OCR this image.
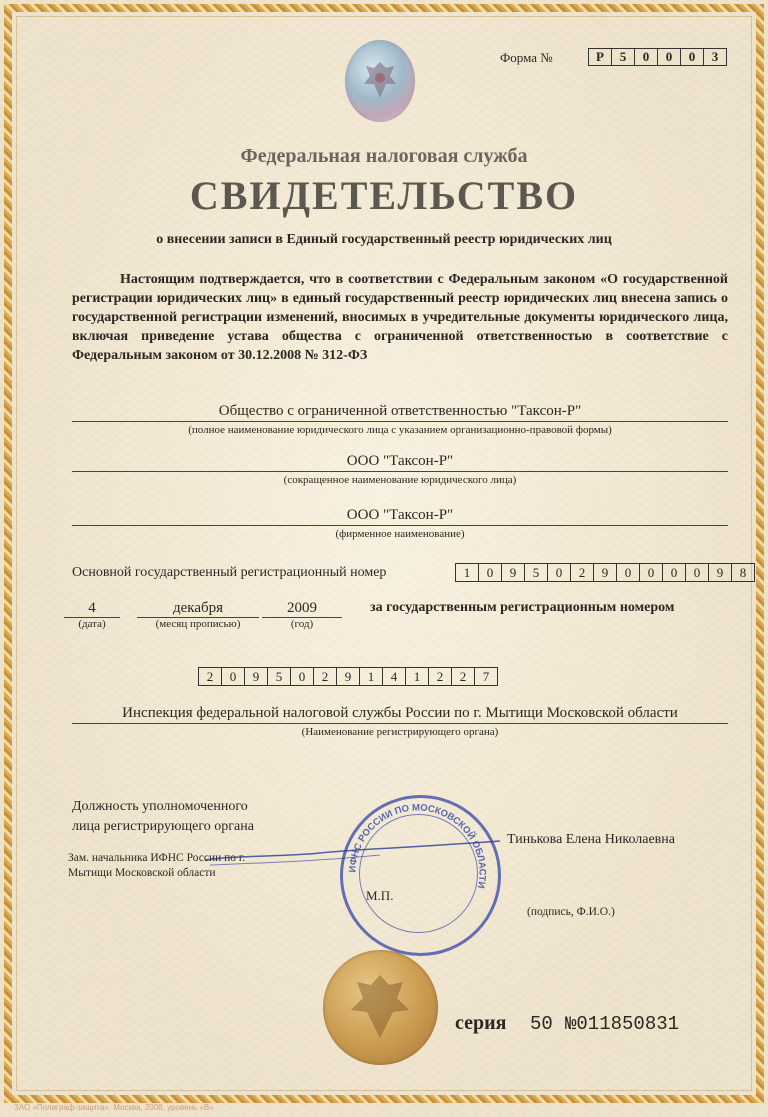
Форма №	Р	5	0	0	0	3
Федеральная налоговая служба
СВИДЕТЕЛЬСТВО
о внесении записи в Единый государственный реестр юридических лиц
Настоящим подтверждается, что в соответствии с Федеральным законом «О государственной регистрации юридических лиц» в единый государственный реестр юридических лиц внесена запись о государственной регистрации изменений, вносимых в учредительные документы юридического лица, включая приведение устава общества с ограниченной ответственностью в соответствие с Федеральным законом от 30.12.2008 № 312-ФЗ
Общество с ограниченной ответственностью "Таксон-Р"
(полное наименование юридического лица с указанием организационно-правовой формы)
ООО "Таксон-Р"
(сокращенное наименование юридического лица)
ООО "Таксон-Р"
(фирменное наименование)
Основной государственный регистрационный номер	1	0	9	5	0	2	9	0	0	0	0	9	8
4
(дата)
декабря
(месяц прописью)
2009
(год)
за государственным регистрационным номером
2	0	9	5	0	2	9	1	4	1	2	2	7
Инспекция федеральной налоговой службы России по г. Мытищи Московской области
(Наименование регистрирующего органа)
Должность уполномоченного
лица регистрирующего органа
Зам. начальника ИФНС России по г.
Мытищи Московской области	ИФНС РОССИИ ПО МОСКОВСКОЙ ОБЛАСТИ
Тинькова Елена Николаевна
М.П.
(подпись, Ф.И.О.)
серия 50 №011850831
ЗАО «Полиграф-защита», Москва, 2008, уровень «В»
